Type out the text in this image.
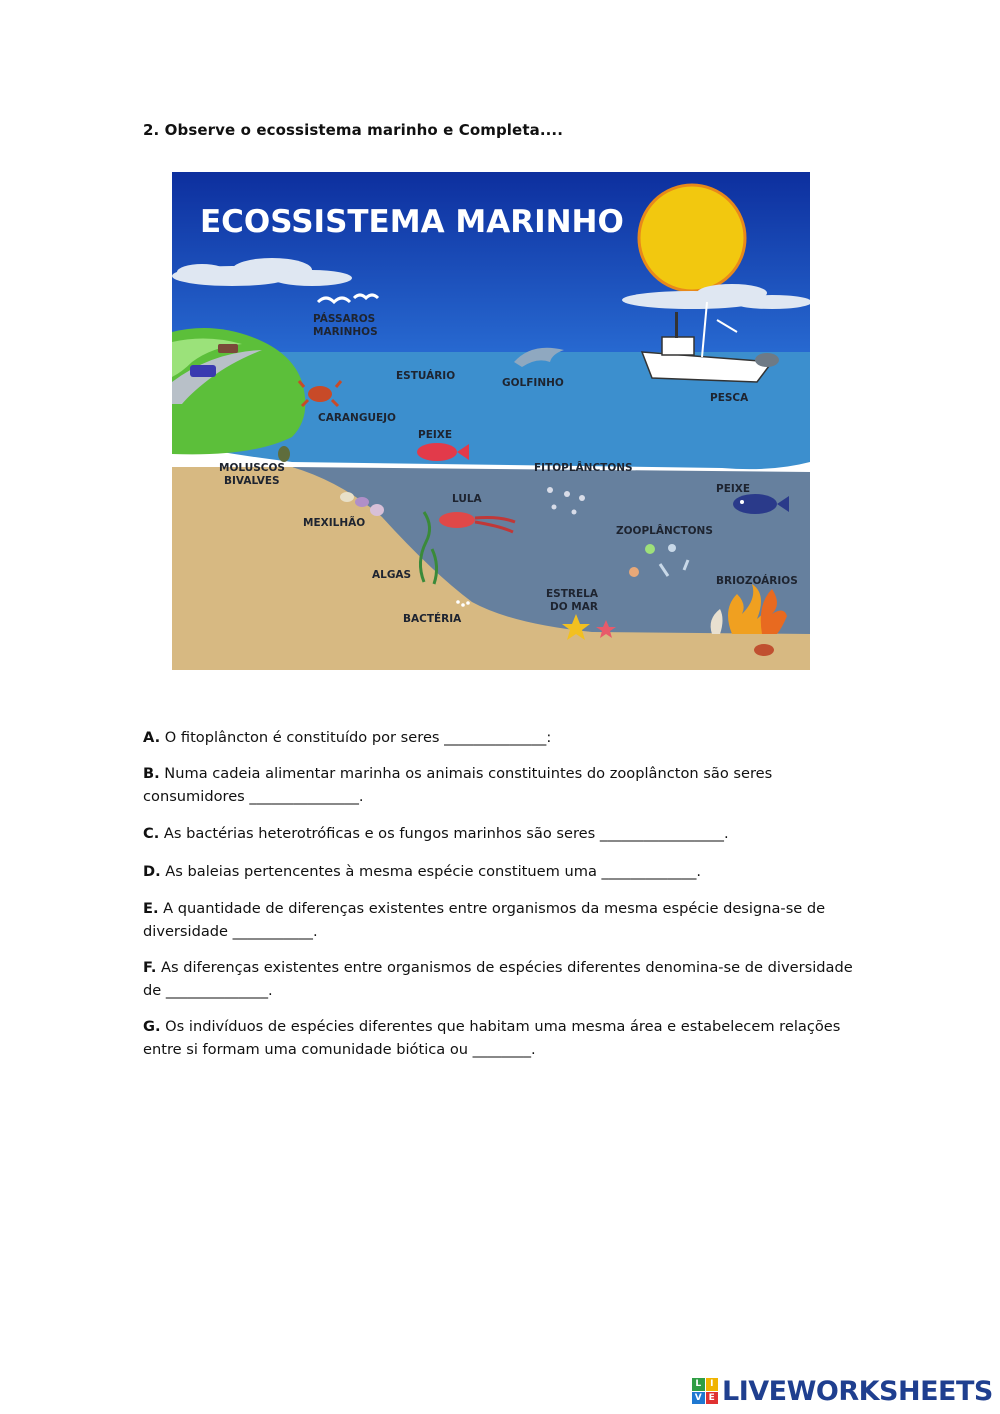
2. Observe o ecossistema marinho e Completa....
ECOSSISTEMA MARINHO
PÁSSAROS
MARINHOS
ESTUÁRIO
GOLFINHO
PESCA
CARANGUEJO
PEIXE
MOLUSCOS
BIVALVES
FITOPLÂNCTONS
PEIXE
LULA
MEXILHÃO
ZOOPLÂNCTONS
ALGAS
ESTRELA
DO MAR
BRIOZOÁRIOS
BACTÉRIA
A. O fitoplâncton é constituído por seres ______________:
B. Numa cadeia alimentar marinha os animais constituintes do zooplâncton são seres consumidores _______________.
C. As bactérias heterotróficas e os fungos marinhos são seres _________________.
D. As baleias pertencentes à mesma espécie constituem uma _____________.
E. A quantidade de diferenças existentes entre organismos da mesma espécie designa-se de diversidade ___________.
F. As diferenças existentes entre organismos de espécies diferentes denomina-se de diversidade de ______________.
G. Os indivíduos de espécies diferentes que habitam uma mesma área e estabelecem relações entre si formam uma comunidade biótica ou ________.
L I
V E LIVEWORKSHEETS
